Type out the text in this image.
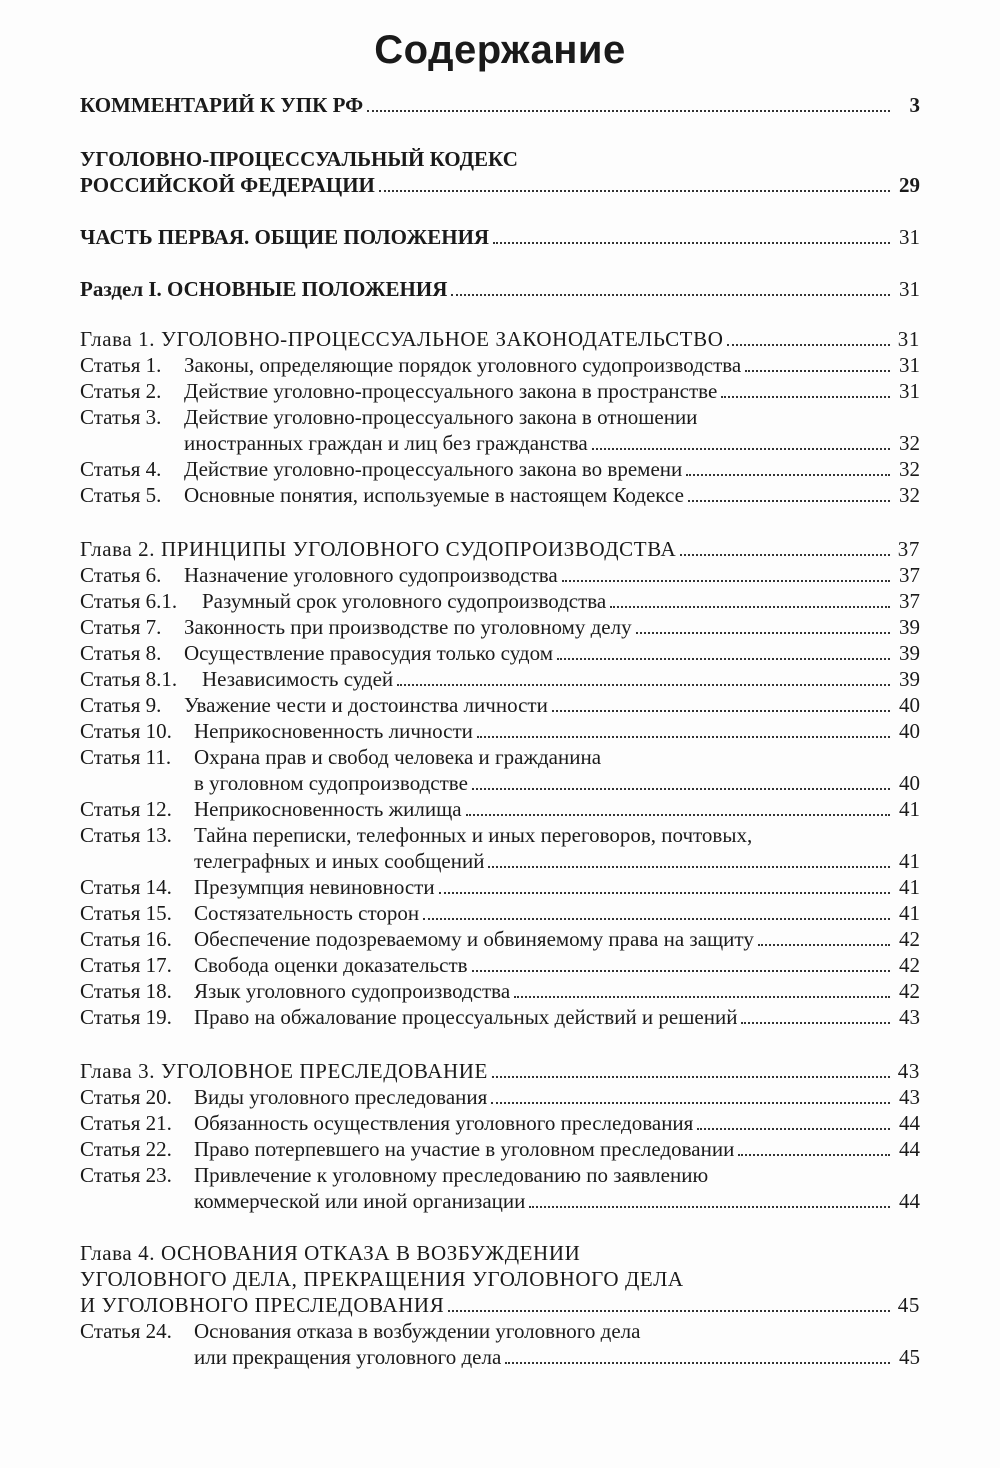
Содержание
КОММЕНТАРИЙ К УПК РФ	3
УГОЛОВНО-ПРОЦЕССУАЛЬНЫЙ КОДЕКС
РОССИЙСКОЙ ФЕДЕРАЦИИ	29
ЧАСТЬ ПЕРВАЯ. ОБЩИЕ ПОЛОЖЕНИЯ	31
Раздел I. ОСНОВНЫЕ ПОЛОЖЕНИЯ	31
Глава 1. УГОЛОВНО-ПРОЦЕССУАЛЬНОЕ ЗАКОНОДАТЕЛЬСТВО	31
Статья 1. Законы, определяющие порядок уголовного судопроизводства	31
Статья 2. Действие уголовно-процессуального закона в пространстве	31
Статья 3. Действие уголовно-процессуального закона в отношении
иностранных граждан и лиц без гражданства	32
Статья 4. Действие уголовно-процессуального закона во времени	32
Статья 5. Основные понятия, используемые в настоящем Кодексе	32
Глава 2. ПРИНЦИПЫ УГОЛОВНОГО СУДОПРОИЗВОДСТВА	37
Статья 6. Назначение уголовного судопроизводства	37
Статья 6.1. Разумный срок уголовного судопроизводства	37
Статья 7. Законность при производстве по уголовному делу	39
Статья 8. Осуществление правосудия только судом	39
Статья 8.1. Независимость судей	39
Статья 9. Уважение чести и достоинства личности	40
Статья 10. Неприкосновенность личности	40
Статья 11. Охрана прав и свобод человека и гражданина
в уголовном судопроизводстве	40
Статья 12. Неприкосновенность жилища	41
Статья 13. Тайна переписки, телефонных и иных переговоров, почтовых,
телеграфных и иных сообщений	41
Статья 14. Презумпция невиновности	41
Статья 15. Состязательность сторон	41
Статья 16. Обеспечение подозреваемому и обвиняемому права на защиту	42
Статья 17. Свобода оценки доказательств	42
Статья 18. Язык уголовного судопроизводства	42
Статья 19. Право на обжалование процессуальных действий и решений	43
Глава 3. УГОЛОВНОЕ ПРЕСЛЕДОВАНИЕ	43
Статья 20. Виды уголовного преследования	43
Статья 21. Обязанность осуществления уголовного преследования	44
Статья 22. Право потерпевшего на участие в уголовном преследовании	44
Статья 23. Привлечение к уголовному преследованию по заявлению
коммерческой или иной организации	44
Глава 4. ОСНОВАНИЯ ОТКАЗА В ВОЗБУЖДЕНИИ
УГОЛОВНОГО ДЕЛА, ПРЕКРАЩЕНИЯ УГОЛОВНОГО ДЕЛА
И УГОЛОВНОГО ПРЕСЛЕДОВАНИЯ	45
Статья 24. Основания отказа в возбуждении уголовного дела
или прекращения уголовного дела	45
